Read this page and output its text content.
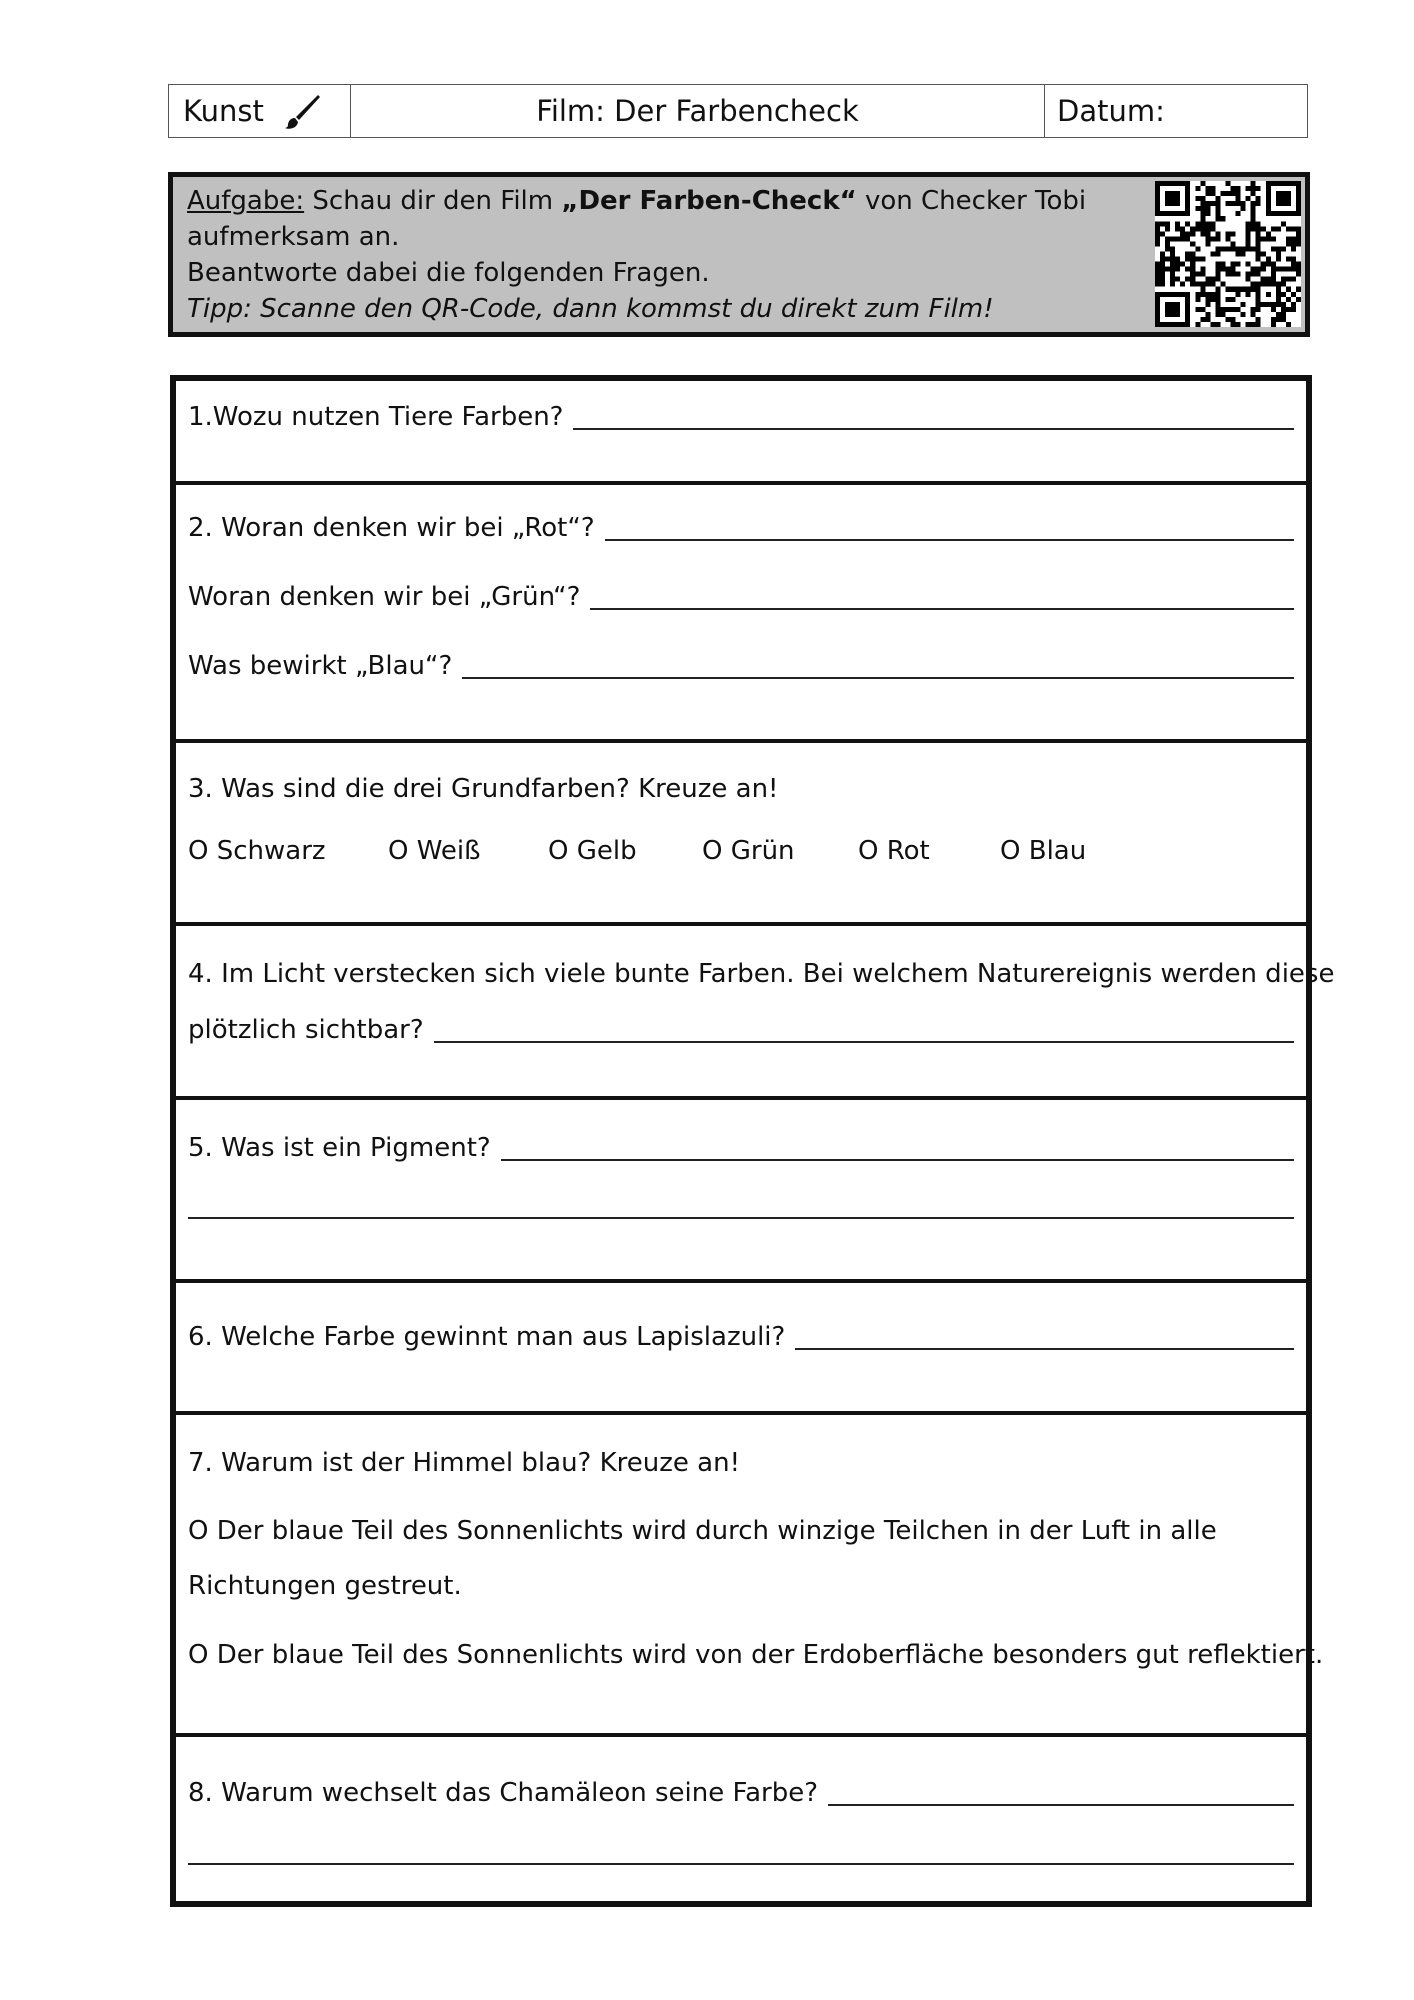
Kunst	Film: Der Farbencheck	Datum:
Aufgabe: Schau dir den Film „Der Farben-Check“ von Checker Tobi
aufmerksam an.
Beantworte dabei die folgenden Fragen.
Tipp: Scanne den QR-Code, dann kommst du direkt zum Film!
1.Wozu nutzen Tiere Farben?
2. Woran denken wir bei „Rot“?
Woran denken wir bei „Grün“?
Was bewirkt „Blau“?
3. Was sind die drei Grundfarben? Kreuze an!
O Schwarz O Weiß	O Gelb	O Grün O Rot	O Blau
4. Im Licht verstecken sich viele bunte Farben. Bei welchem Naturereignis werden diese
plötzlich sichtbar?
5. Was ist ein Pigment?
6. Welche Farbe gewinnt man aus Lapislazuli?
7. Warum ist der Himmel blau? Kreuze an!
O Der blaue Teil des Sonnenlichts wird durch winzige Teilchen in der Luft in alle
Richtungen gestreut.
O Der blaue Teil des Sonnenlichts wird von der Erdoberfläche besonders gut reflektiert.
8. Warum wechselt das Chamäleon seine Farbe?
